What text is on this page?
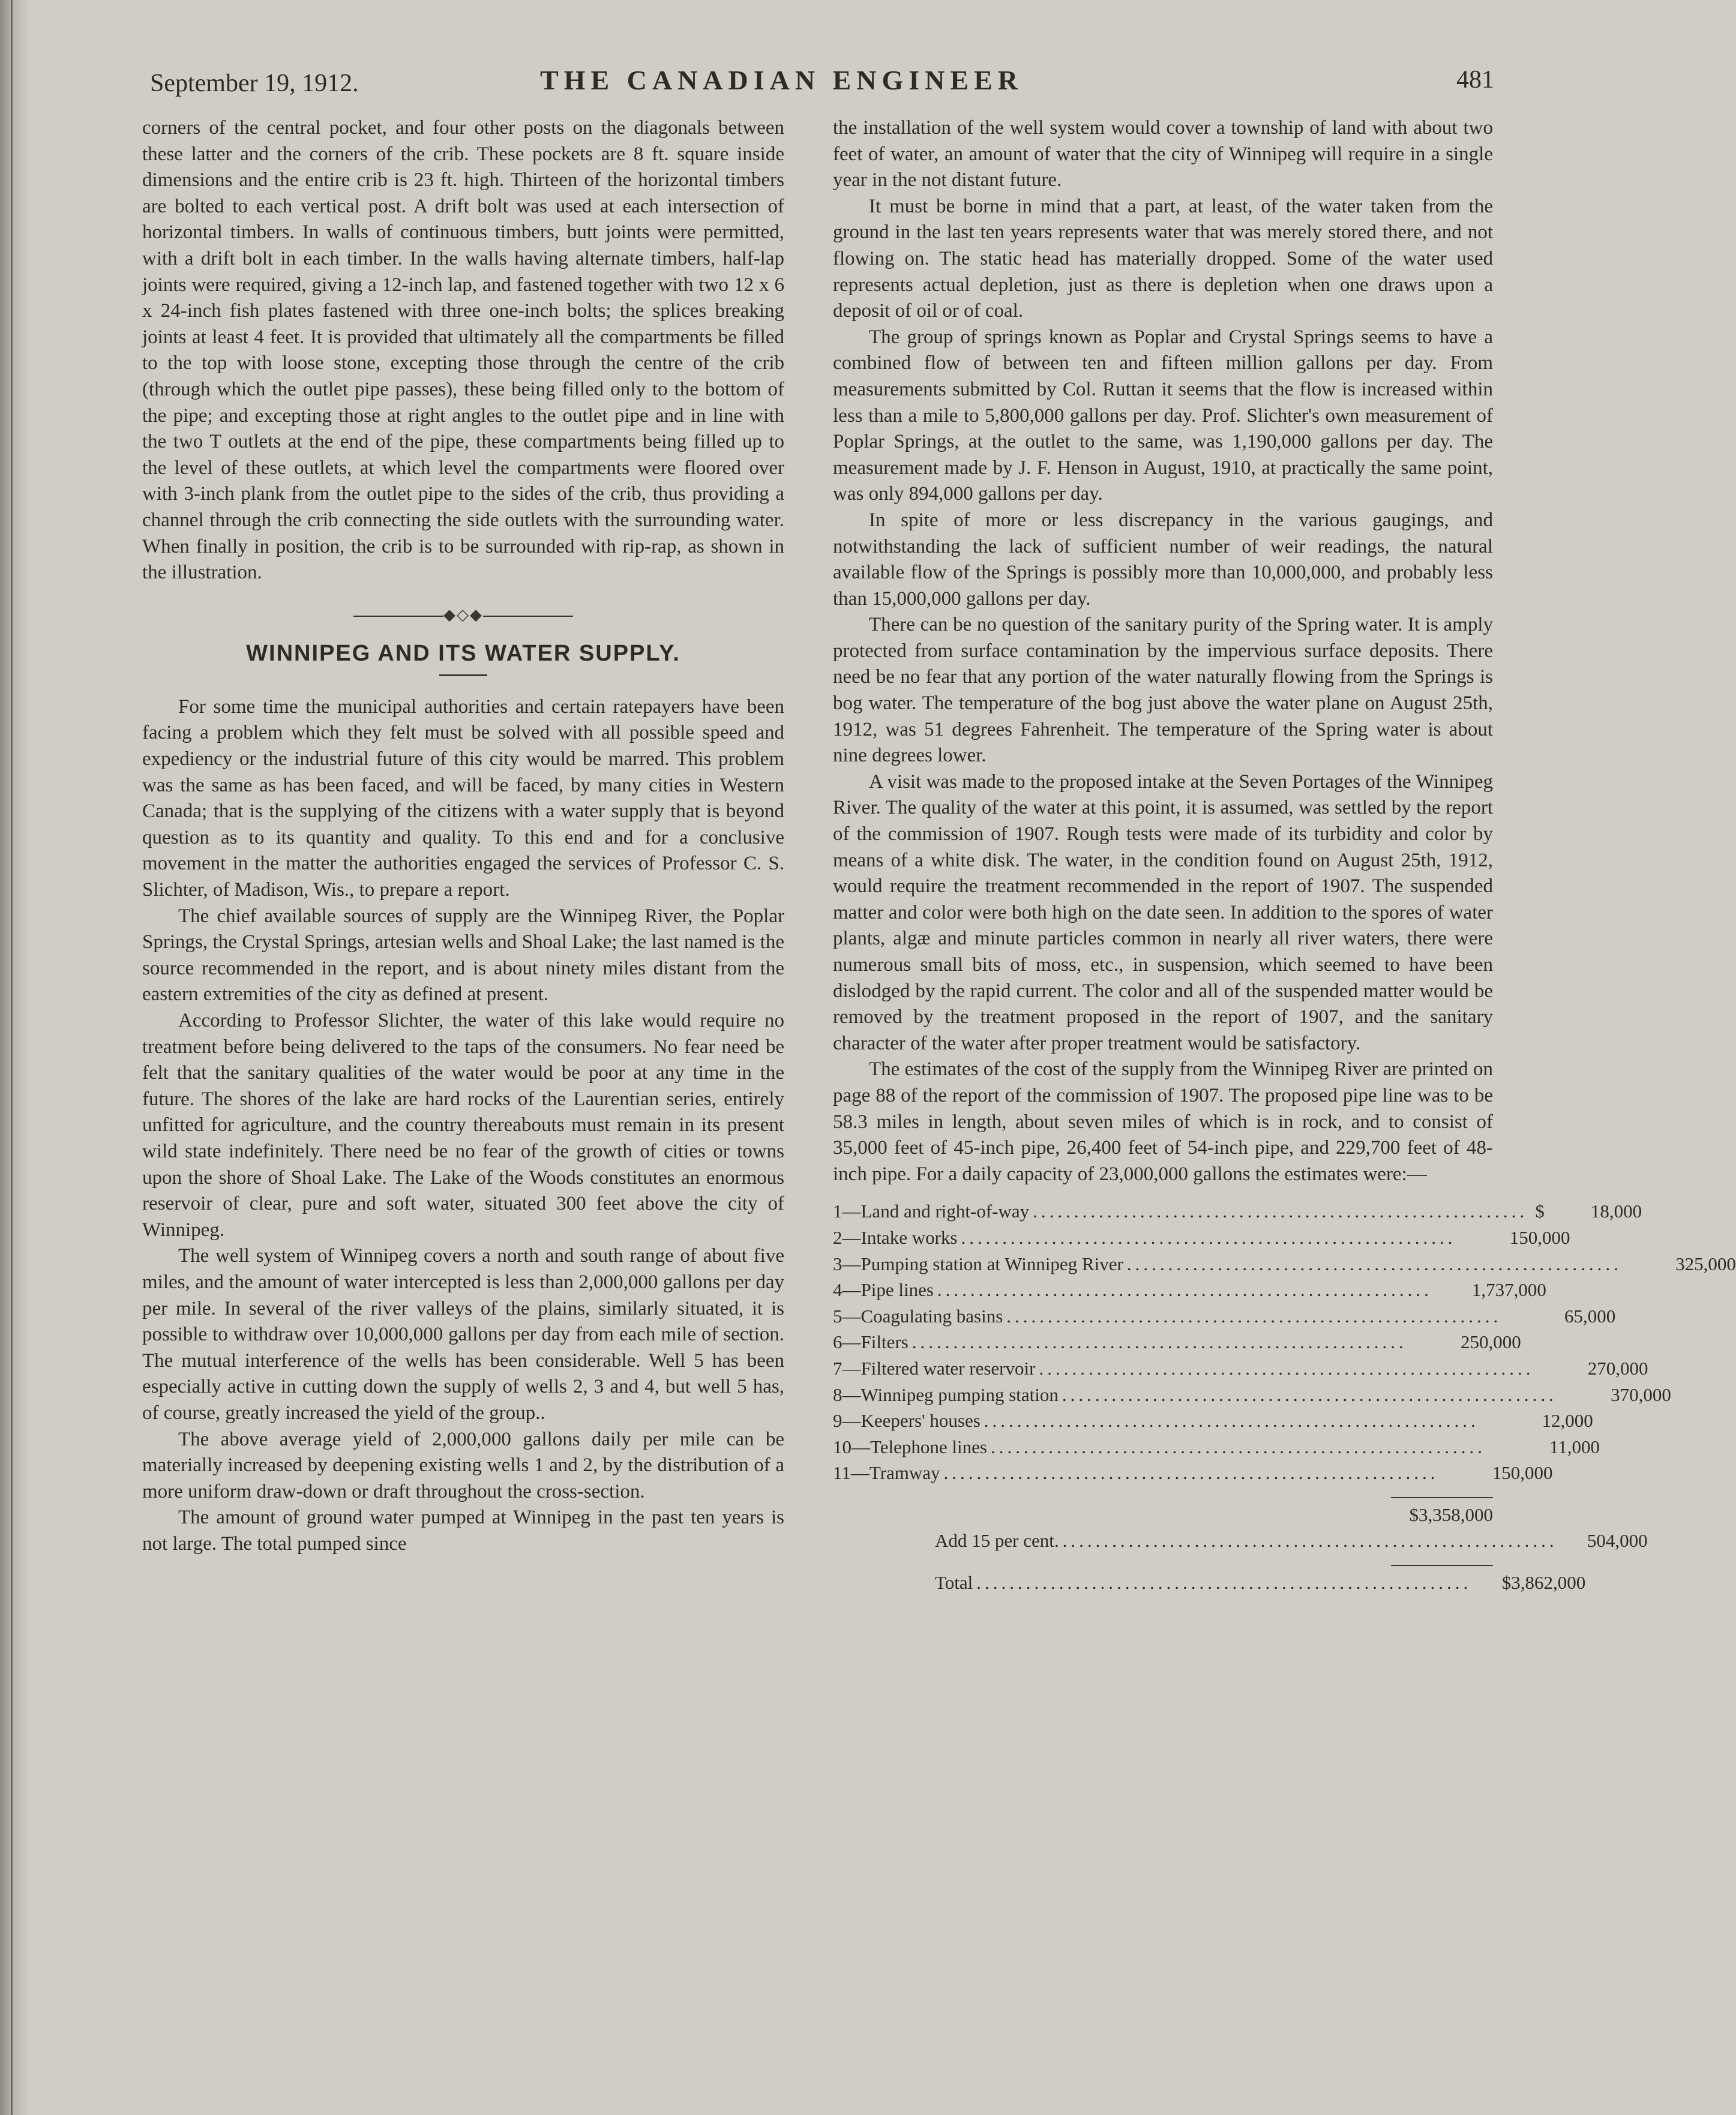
September 19, 1912.	THE CANADIAN ENGINEER	481

corners of the central pocket, and four other posts on the diagonals between these latter and the corners of the crib. These pockets are 8 ft. square inside dimensions and the entire crib is 23 ft. high. Thirteen of the horizontal timbers are bolted to each vertical post. A drift bolt was used at each intersection of horizontal timbers. In walls of continuous timbers, butt joints were permitted, with a drift bolt in each timber. In the walls having alternate timbers, half-lap joints were required, giving a 12-inch lap, and fastened together with two 12 x 6 x 24-inch fish plates fastened with three one-inch bolts; the splices breaking joints at least 4 feet. It is provided that ultimately all the compartments be filled to the top with loose stone, excepting those through the centre of the crib (through which the outlet pipe passes), these being filled only to the bottom of the pipe; and excepting those at right angles to the outlet pipe and in line with the two T outlets at the end of the pipe, these compartments being filled up to the level of these outlets, at which level the compartments were floored over with 3-inch plank from the outlet pipe to the sides of the crib, thus providing a channel through the crib connecting the side outlets with the surrounding water. When finally in position, the crib is to be surrounded with rip-rap, as shown in the illustration.

◆◇◆
WINNIPEG AND ITS WATER SUPPLY.

For some time the municipal authorities and certain ratepayers have been facing a problem which they felt must be solved with all possible speed and expediency or the industrial future of this city would be marred. This problem was the same as has been faced, and will be faced, by many cities in Western Canada; that is the supplying of the citizens with a water supply that is beyond question as to its quantity and quality. To this end and for a conclusive movement in the matter the authorities engaged the services of Professor C. S. Slichter, of Madison, Wis., to prepare a report.

The chief available sources of supply are the Winnipeg River, the Poplar Springs, the Crystal Springs, artesian wells and Shoal Lake; the last named is the source recommended in the report, and is about ninety miles distant from the eastern extremities of the city as defined at present.

According to Professor Slichter, the water of this lake would require no treatment before being delivered to the taps of the consumers. No fear need be felt that the sanitary qualities of the water would be poor at any time in the future. The shores of the lake are hard rocks of the Laurentian series, entirely unfitted for agriculture, and the country thereabouts must remain in its present wild state indefinitely. There need be no fear of the growth of cities or towns upon the shore of Shoal Lake. The Lake of the Woods constitutes an enormous reservoir of clear, pure and soft water, situated 300 feet above the city of Winnipeg.

The well system of Winnipeg covers a north and south range of about five miles, and the amount of water intercepted is less than 2,000,000 gallons per day per mile. In several of the river valleys of the plains, similarly situated, it is possible to withdraw over 10,000,000 gallons per day from each mile of section. The mutual interference of the wells has been considerable. Well 5 has been especially active in cutting down the supply of wells 2, 3 and 4, but well 5 has, of course, greatly increased the yield of the group..

The above average yield of 2,000,000 gallons daily per mile can be materially increased by deepening existing wells 1 and 2, by the distribution of a more uniform draw-down or draft throughout the cross-section.

The amount of ground water pumped at Winnipeg in the past ten years is not large. The total pumped since

the installation of the well system would cover a township of land with about two feet of water, an amount of water that the city of Winnipeg will require in a single year in the not distant future.

It must be borne in mind that a part, at least, of the water taken from the ground in the last ten years represents water that was merely stored there, and not flowing on. The static head has materially dropped. Some of the water used represents actual depletion, just as there is depletion when one draws upon a deposit of oil or of coal.

The group of springs known as Poplar and Crystal Springs seems to have a combined flow of between ten and fifteen million gallons per day. From measurements submitted by Col. Ruttan it seems that the flow is increased within less than a mile to 5,800,000 gallons per day. Prof. Slichter's own measurement of Poplar Springs, at the outlet to the same, was 1,190,000 gallons per day. The measurement made by J. F. Henson in August, 1910, at practically the same point, was only 894,000 gallons per day.

In spite of more or less discrepancy in the various gaugings, and notwithstanding the lack of sufficient number of weir readings, the natural available flow of the Springs is possibly more than 10,000,000, and probably less than 15,000,000 gallons per day.

There can be no question of the sanitary purity of the Spring water. It is amply protected from surface contamination by the impervious surface deposits. There need be no fear that any portion of the water naturally flowing from the Springs is bog water. The temperature of the bog just above the water plane on August 25th, 1912, was 51 degrees Fahrenheit. The temperature of the Spring water is about nine degrees lower.

A visit was made to the proposed intake at the Seven Portages of the Winnipeg River. The quality of the water at this point, it is assumed, was settled by the report of the commission of 1907. Rough tests were made of its turbidity and color by means of a white disk. The water, in the condition found on August 25th, 1912, would require the treatment recommended in the report of 1907. The suspended matter and color were both high on the date seen. In addition to the spores of water plants, algæ and minute particles common in nearly all river waters, there were numerous small bits of moss, etc., in suspension, which seemed to have been dislodged by the rapid current. The color and all of the suspended matter would be removed by the treatment proposed in the report of 1907, and the sanitary character of the water after proper treatment would be satisfactory.

The estimates of the cost of the supply from the Winnipeg River are printed on page 88 of the report of the commission of 1907. The proposed pipe line was to be 58.3 miles in length, about seven miles of which is in rock, and to consist of 35,000 feet of 45-inch pipe, 26,400 feet of 54-inch pipe, and 229,700 feet of 48-inch pipe. For a daily capacity of 23,000,000 gallons the estimates were:—

1—Land and right-of-way ............................................................ $	18,000
2—Intake works ............................................................	150,000
3—Pumping station at Winnipeg River ............................................................	325,000
4—Pipe lines ............................................................	1,737,000
5—Coagulating basins ............................................................	65,000
6—Filters ............................................................	250,000
7—Filtered water reservoir ............................................................	270,000
8—Winnipeg pumping station ............................................................	370,000
9—Keepers' houses ............................................................	12,000
10—Telephone lines ............................................................	11,000
11—Tramway ............................................................	150,000
$3,358,000
Add 15 per cent. ............................................................	504,000
Total ............................................................	$3,862,000
